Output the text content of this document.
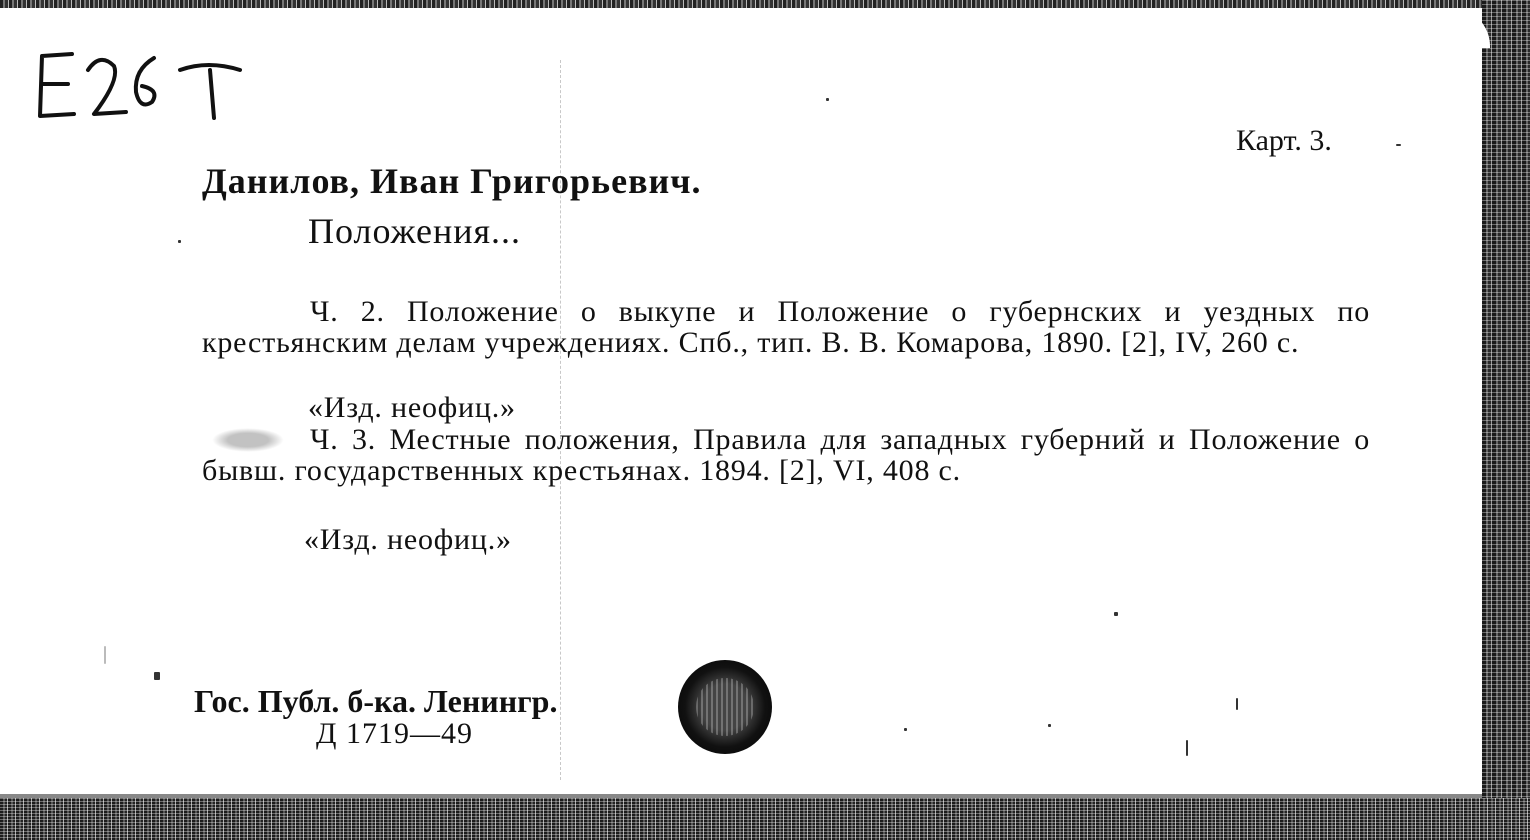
Карт. 3.
Данилов, Иван Григорьевич.
Положения...
Ч. 2. Положение о выкупе и Положение о губернских и уездных по крестьянским делам учреждениях. Спб., тип. В. В. Комарова, 1890. [2], IV, 260 с.
«Изд. неофиц.»
Ч. 3. Местные положения, Правила для западных губерний и Положение о бывш. государственных крестьянах. 1894. [2], VI, 408 с.
«Изд. неофиц.»
Гос. Публ. б-ка. Ленингр.
Д 1719—49
